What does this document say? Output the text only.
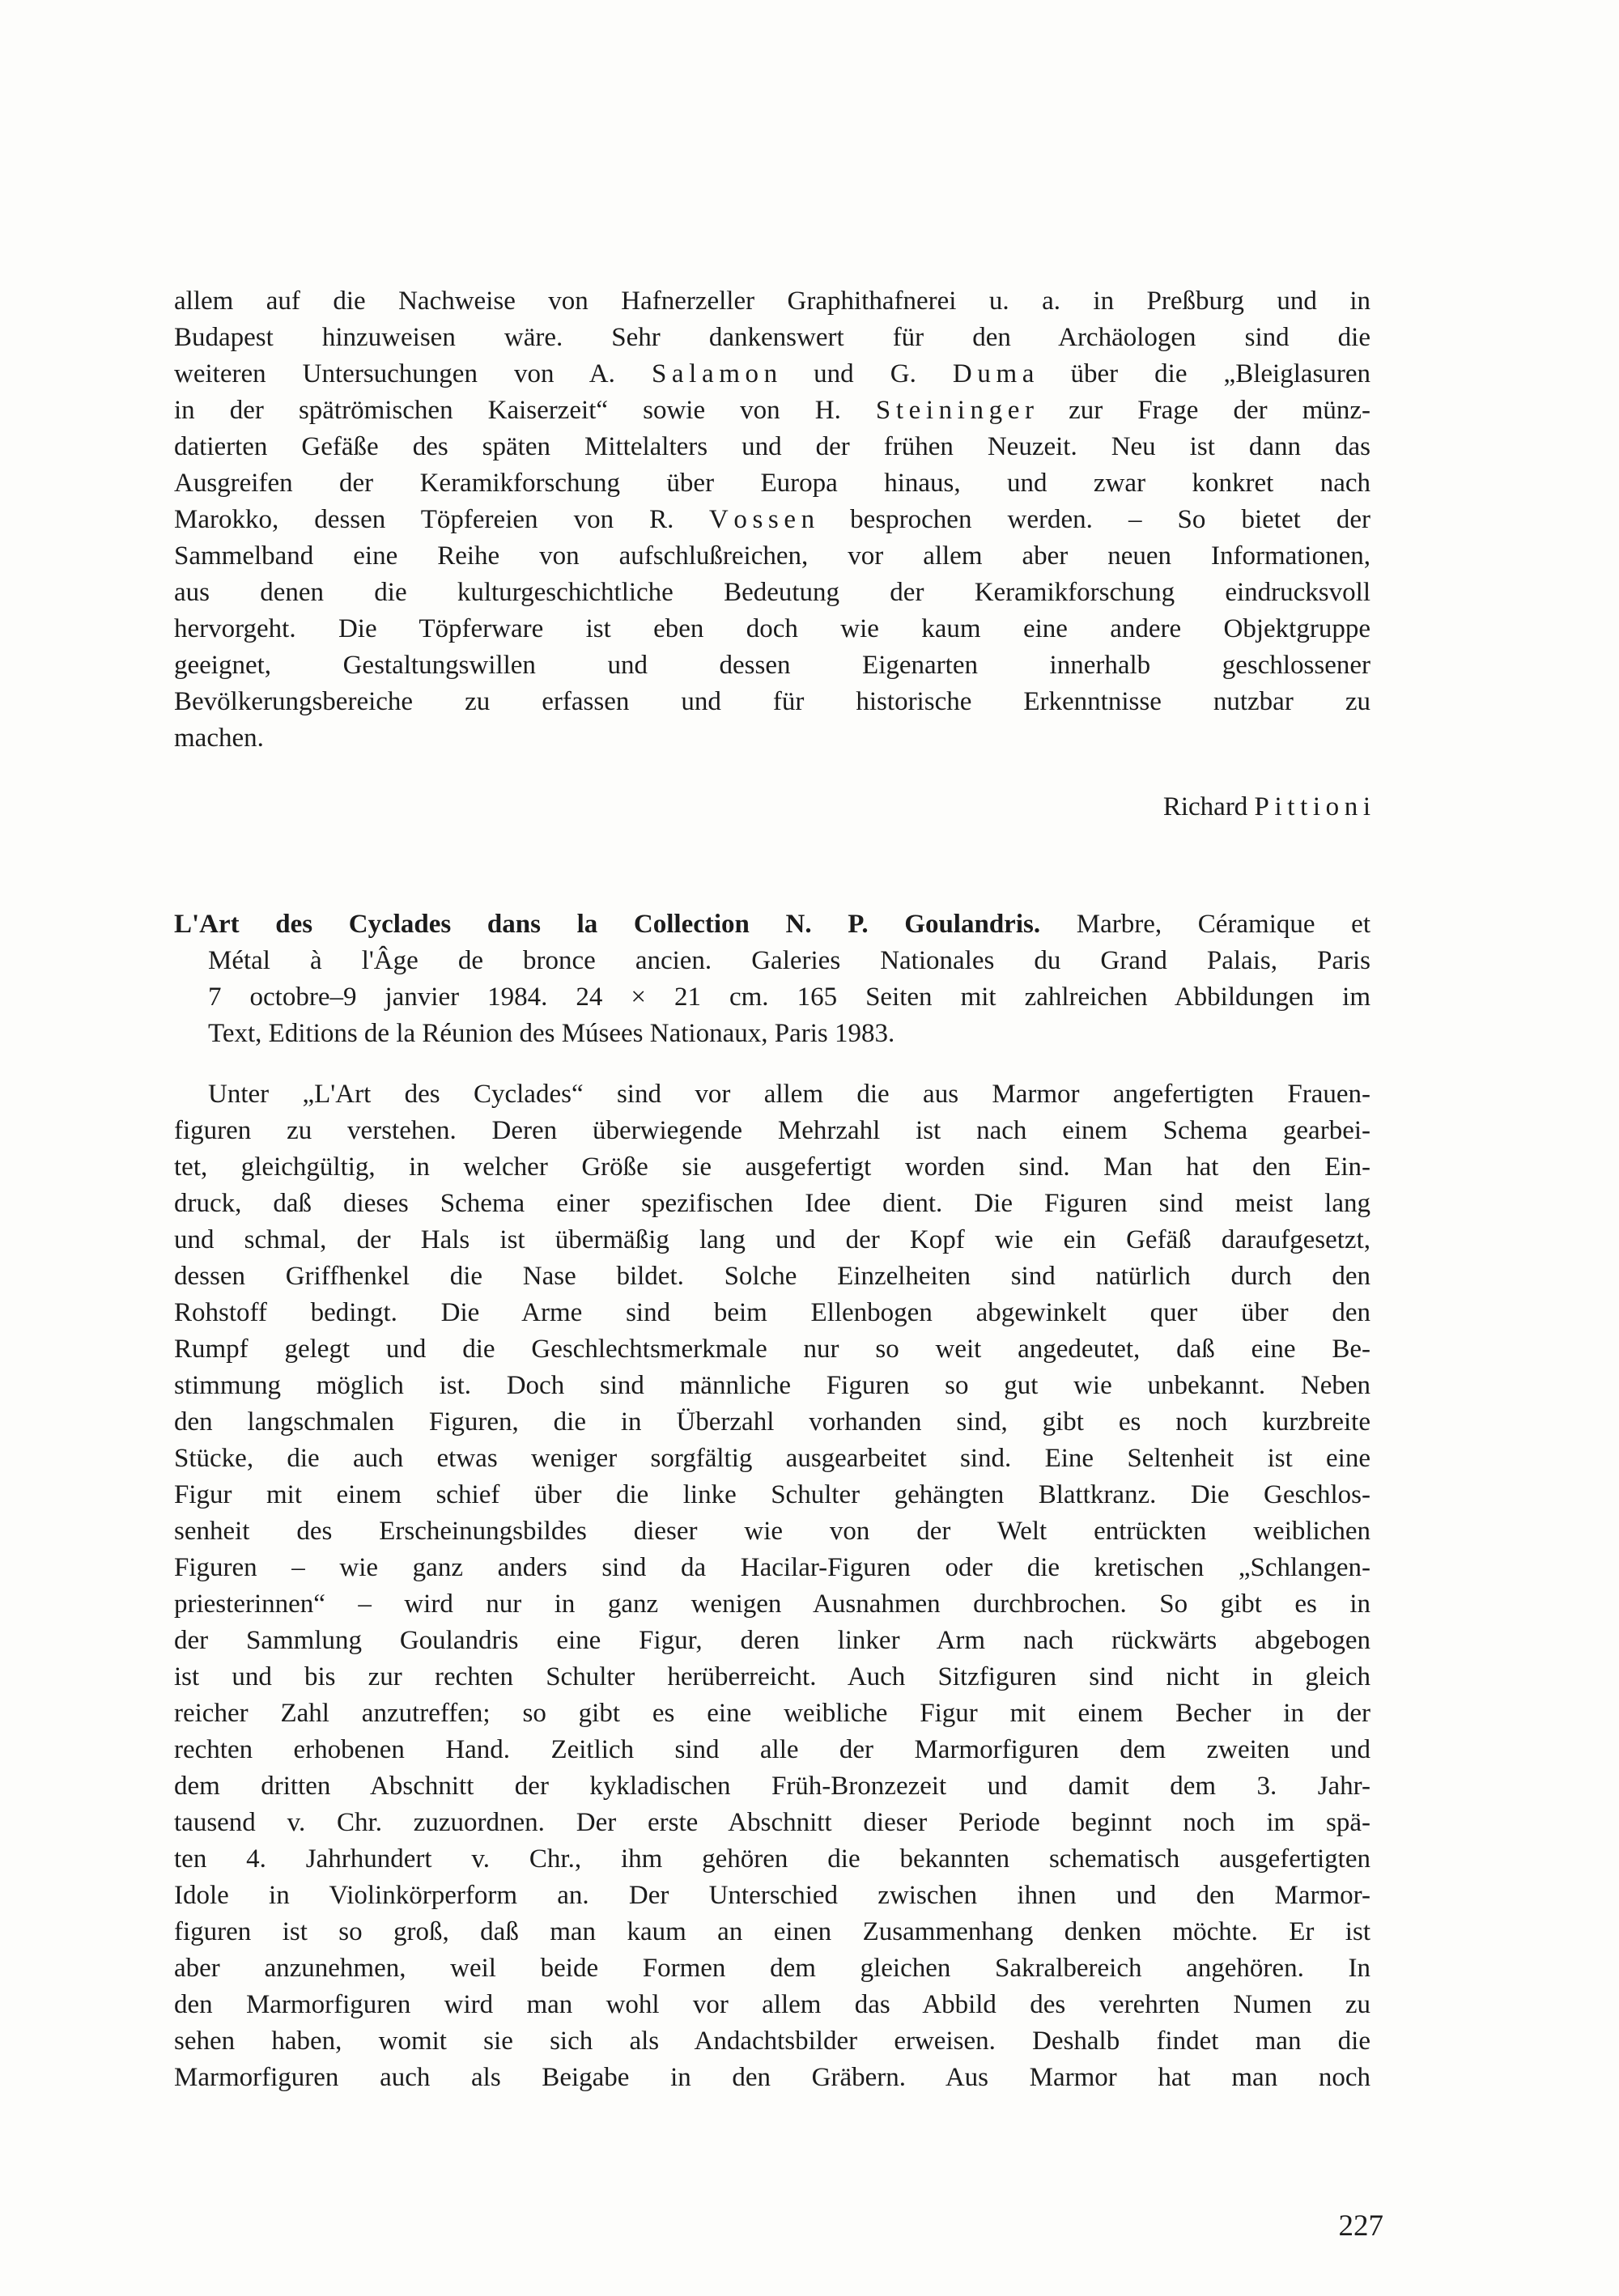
allem auf die Nachweise von Hafnerzeller Graphithafnerei u. a. in Preßburg und in
Budapest hinzuweisen wäre. Sehr dankenswert für den Archäologen sind die
weiteren Untersuchungen von A. S a l a m o n und G. D u m a über die „Bleiglasuren
in der spätrömischen Kaiserzeit“ sowie von H. S t e i n i n g e r zur Frage der münz-
datierten Gefäße des späten Mittelalters und der frühen Neuzeit. Neu ist dann das
Ausgreifen der Keramikforschung über Europa hinaus, und zwar konkret nach
Marokko, dessen Töpfereien von R. V o s s e n besprochen werden. – So bietet der
Sammelband eine Reihe von aufschlußreichen, vor allem aber neuen Informationen,
aus denen die kulturgeschichtliche Bedeutung der Keramikforschung eindrucksvoll
hervorgeht. Die Töpferware ist eben doch wie kaum eine andere Objektgruppe
geeignet, Gestaltungswillen und dessen Eigenarten innerhalb geschlossener
Bevölkerungsbereiche zu erfassen und für historische Erkenntnisse nutzbar zu
machen.
Richard P i t t i o n i
L'Art des Cyclades dans la Collection N. P. Goulandris. Marbre, Céramique et
Métal à l'Âge de bronce ancien. Galeries Nationales du Grand Palais, Paris
7 octobre–9 janvier 1984. 24 × 21 cm. 165 Seiten mit zahlreichen Abbildungen im
Text, Editions de la Réunion des Músees Nationaux, Paris 1983.
Unter „L'Art des Cyclades“ sind vor allem die aus Marmor angefertigten Frauen-
figuren zu verstehen. Deren überwiegende Mehrzahl ist nach einem Schema gearbei-
tet, gleichgültig, in welcher Größe sie ausgefertigt worden sind. Man hat den Ein-
druck, daß dieses Schema einer spezifischen Idee dient. Die Figuren sind meist lang
und schmal, der Hals ist übermäßig lang und der Kopf wie ein Gefäß daraufgesetzt,
dessen Griffhenkel die Nase bildet. Solche Einzelheiten sind natürlich durch den
Rohstoff bedingt. Die Arme sind beim Ellenbogen abgewinkelt quer über den
Rumpf gelegt und die Geschlechtsmerkmale nur so weit angedeutet, daß eine Be-
stimmung möglich ist. Doch sind männliche Figuren so gut wie unbekannt. Neben
den langschmalen Figuren, die in Überzahl vorhanden sind, gibt es noch kurzbreite
Stücke, die auch etwas weniger sorgfältig ausgearbeitet sind. Eine Seltenheit ist eine
Figur mit einem schief über die linke Schulter gehängten Blattkranz. Die Geschlos-
senheit des Erscheinungsbildes dieser wie von der Welt entrückten weiblichen
Figuren – wie ganz anders sind da Hacilar-Figuren oder die kretischen „Schlangen-
priesterinnen“ – wird nur in ganz wenigen Ausnahmen durchbrochen. So gibt es in
der Sammlung Goulandris eine Figur, deren linker Arm nach rückwärts abgebogen
ist und bis zur rechten Schulter herüberreicht. Auch Sitzfiguren sind nicht in gleich
reicher Zahl anzutreffen; so gibt es eine weibliche Figur mit einem Becher in der
rechten erhobenen Hand. Zeitlich sind alle der Marmorfiguren dem zweiten und
dem dritten Abschnitt der kykladischen Früh-Bronzezeit und damit dem 3. Jahr-
tausend v. Chr. zuzuordnen. Der erste Abschnitt dieser Periode beginnt noch im spä-
ten 4. Jahrhundert v. Chr., ihm gehören die bekannten schematisch ausgefertigten
Idole in Violinkörperform an. Der Unterschied zwischen ihnen und den Marmor-
figuren ist so groß, daß man kaum an einen Zusammenhang denken möchte. Er ist
aber anzunehmen, weil beide Formen dem gleichen Sakralbereich angehören. In
den Marmorfiguren wird man wohl vor allem das Abbild des verehrten Numen zu
sehen haben, womit sie sich als Andachtsbilder erweisen. Deshalb findet man die
Marmorfiguren auch als Beigabe in den Gräbern. Aus Marmor hat man noch
227
